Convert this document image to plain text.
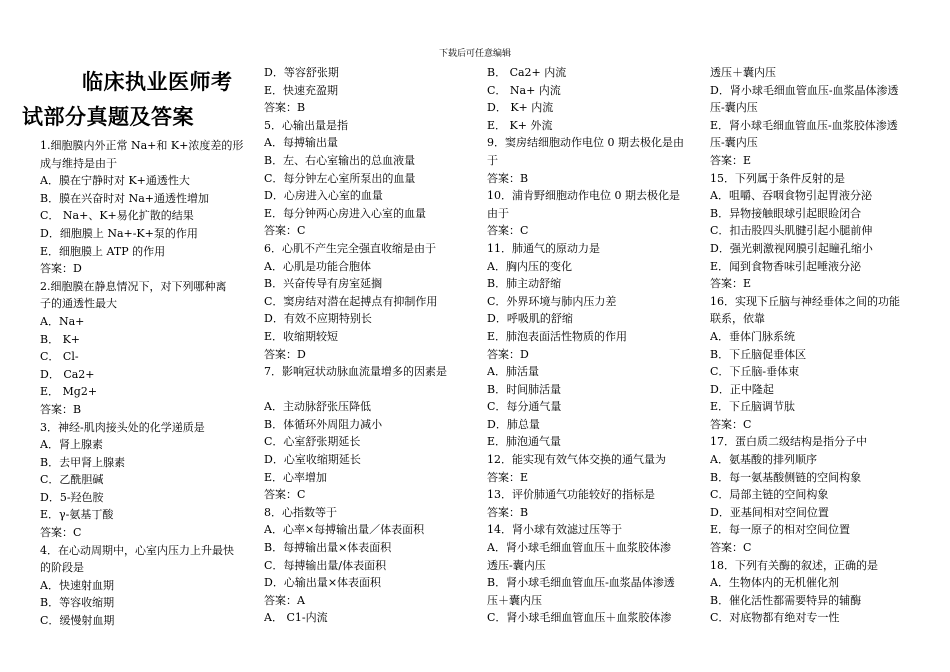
下载后可任意编辑
临床执业医师考
试部分真题及答案
1.细胞膜内外正常 Na+和 K+浓度差的形
成与维持是由于
A．膜在宁静时对 K+通透性大
B．膜在兴奋时对 Na+通透性增加
C． Na+、K+易化扩散的结果
D．细胞膜上 Na+-K+泵的作用
E．细胞膜上 ATP 的作用
答案：D
2.细胞膜在静息情况下，对下列哪种离
子的通透性最大
A．Na+
B． K+
C． Cl-
D． Ca2+
E． Mg2+
答案：B
3．神经-肌肉接头处的化学递质是
A．肾上腺素
B．去甲肾上腺素
C．乙酰胆碱
D．5-羟色胺
E．γ-氨基丁酸
答案：C
4．在心动周期中，心室内压力上升最快
的阶段是
A．快速射血期
B．等容收缩期
C．缓慢射血期
D．等容舒张期
E．快速充盈期
答案：B
5．心输出量是指
A．每搏输出量
B．左、右心室输出的总血液量
C．每分钟左心室所泵出的血量
D．心房进入心室的血量
E．每分钟两心房进入心室的血量
答案：C
6．心肌不产生完全强直收缩是由于
A．心肌是功能合胞体
B．兴奋传导有房室延搁
C．窦房结对潜在起搏点有抑制作用
D．有效不应期特别长
E．收缩期较短
答案：D
7．影响冠状动脉血流量增多的因素是

A．主动脉舒张压降低
B．体循环外周阻力减小
C．心室舒张期延长
D．心室收缩期延长
E．心率增加
答案：C
8．心指数等于
A．心率×每搏输出量／体表面积
B．每搏输出量×体表面积
C．每搏输出量/体表面积
D．心输出量×体表面积
答案：A
A． C1-内流
B． Ca2+ 内流
C． Na+ 内流
D． K+ 内流
E． K+ 外流
9．窦房结细胞动作电位 0 期去极化是由
于
答案：B
10．浦肯野细胞动作电位 0 期去极化是
由于
答案：C
11．肺通气的原动力是
A．胸内压的变化
B．肺主动舒缩
C．外界环境与肺内压力差
D．呼吸肌的舒缩
E．肺泡表面活性物质的作用
答案：D
A．肺活量
B．时间肺活量
C．每分通气量
D．肺总量
E．肺泡通气量
12．能实现有效气体交换的通气量为
答案：E
13．评价肺通气功能较好的指标是
答案：B
14．肾小球有效滤过压等于
A．肾小球毛细血管血压＋血浆胶体渗
透压-囊内压
B．肾小球毛细血管血压-血浆晶体渗透
压＋囊内压
C．肾小球毛细血管血压＋血浆胶体渗
透压＋囊内压
D．肾小球毛细血管血压-血浆晶体渗透
压-囊内压
E．肾小球毛细血管血压-血浆胶体渗透
压-囊内压
答案：E
15．下列属于条件反射的是
A．咀嚼、吞咽食物引起胃液分泌
B．异物接触眼球引起眼睑闭合
C．扣击股四头肌腱引起小腿前伸
D．强光刺激视网膜引起瞳孔缩小
E．闻到食物香味引起唾液分泌
答案：E
16．实现下丘脑与神经垂体之间的功能
联系，依靠
A．垂体门脉系统
B．下丘脑促垂体区
C．下丘脑-垂体束
D．正中隆起
E．下丘脑调节肽
答案：C
17．蛋白质二级结构是指分子中
A．氨基酸的排列顺序
B．每一氨基酸侧链的空间构象
C．局部主链的空间构象
D．亚基间相对空间位置
E．每一原子的相对空间位置
答案：C
18．下列有关酶的叙述，正确的是
A．生物体内的无机催化剂
B．催化活性都需要特异的辅酶
C．对底物都有绝对专一性
